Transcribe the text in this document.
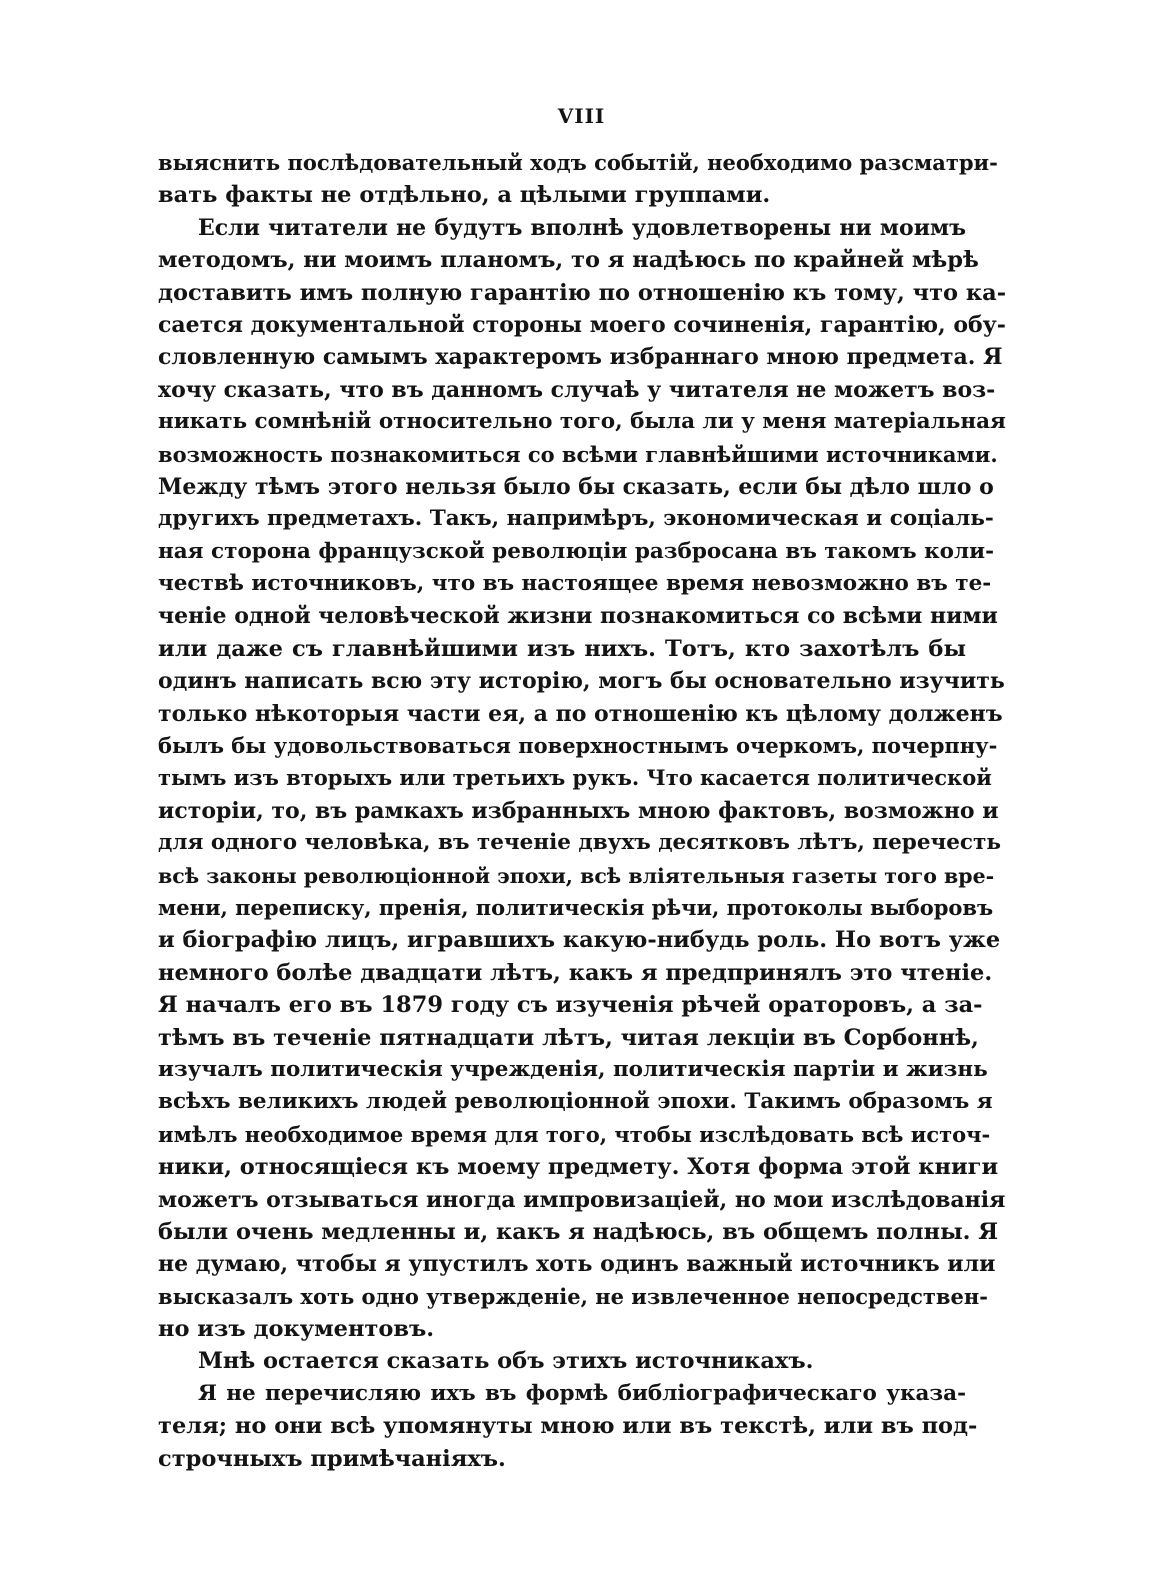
VIII
выяснить послѣдовательный ходъ событій, необходимо разсматри-
вать факты не отдѣльно, а цѣлыми группами.
Если читатели не будутъ вполнѣ удовлетворены ни моимъ
методомъ, ни моимъ планомъ, то я надѣюсь по крайней мѣрѣ
доставить имъ полную гарантію по отношенію къ тому, что ка-
сается документальной стороны моего сочиненія, гарантію, обу-
словленную самымъ характеромъ избраннаго мною предмета. Я
хочу сказать, что въ данномъ случаѣ у читателя не можетъ воз-
никать сомнѣній относительно того, была ли у меня матеріальная
возможность познакомиться со всѣми главнѣйшими источниками.
Между тѣмъ этого нельзя было бы сказать, если бы дѣло шло о
другихъ предметахъ. Такъ, напримѣръ, экономическая и соціаль-
ная сторона французской революціи разбросана въ такомъ коли-
чествѣ источниковъ, что въ настоящее время невозможно въ те-
ченіе одной человѣческой жизни познакомиться со всѣми ними
или даже съ главнѣйшими изъ нихъ. Тотъ, кто захотѣлъ бы
одинъ написать всю эту исторію, могъ бы основательно изучить
только нѣкоторыя части ея, а по отношенію къ цѣлому долженъ
былъ бы удовольствоваться поверхностнымъ очеркомъ, почерпну-
тымъ изъ вторыхъ или третьихъ рукъ. Что касается политической
исторіи, то, въ рамкахъ избранныхъ мною фактовъ, возможно и
для одного человѣка, въ теченіе двухъ десятковъ лѣтъ, перечесть
всѣ законы революціонной эпохи, всѣ вліятельныя газеты того вре-
мени, переписку, пренія, политическія рѣчи, протоколы выборовъ
и біографію лицъ, игравшихъ какую-нибудь роль. Но вотъ уже
немного болѣе двадцати лѣтъ, какъ я предпринялъ это чтеніе.
Я началъ его въ 1879 году съ изученія рѣчей ораторовъ, а за-
тѣмъ въ теченіе пятнадцати лѣтъ, читая лекціи въ Сорбоннѣ,
изучалъ политическія учрежденія, политическія партіи и жизнь
всѣхъ великихъ людей революціонной эпохи. Такимъ образомъ я
имѣлъ необходимое время для того, чтобы изслѣдовать всѣ источ-
ники, относящіеся къ моему предмету. Хотя форма этой книги
можетъ отзываться иногда импровизаціей, но мои изслѣдованія
были очень медленны и, какъ я надѣюсь, въ общемъ полны. Я
не думаю, чтобы я упустилъ хоть одинъ важный источникъ или
высказалъ хоть одно утвержденіе, не извлеченное непосредствен-
но изъ документовъ.
Мнѣ остается сказать объ этихъ источникахъ.
Я не перечисляю ихъ въ формѣ библіографическаго указа-
теля; но они всѣ упомянуты мною или въ текстѣ, или въ под-
строчныхъ примѣчаніяхъ.
